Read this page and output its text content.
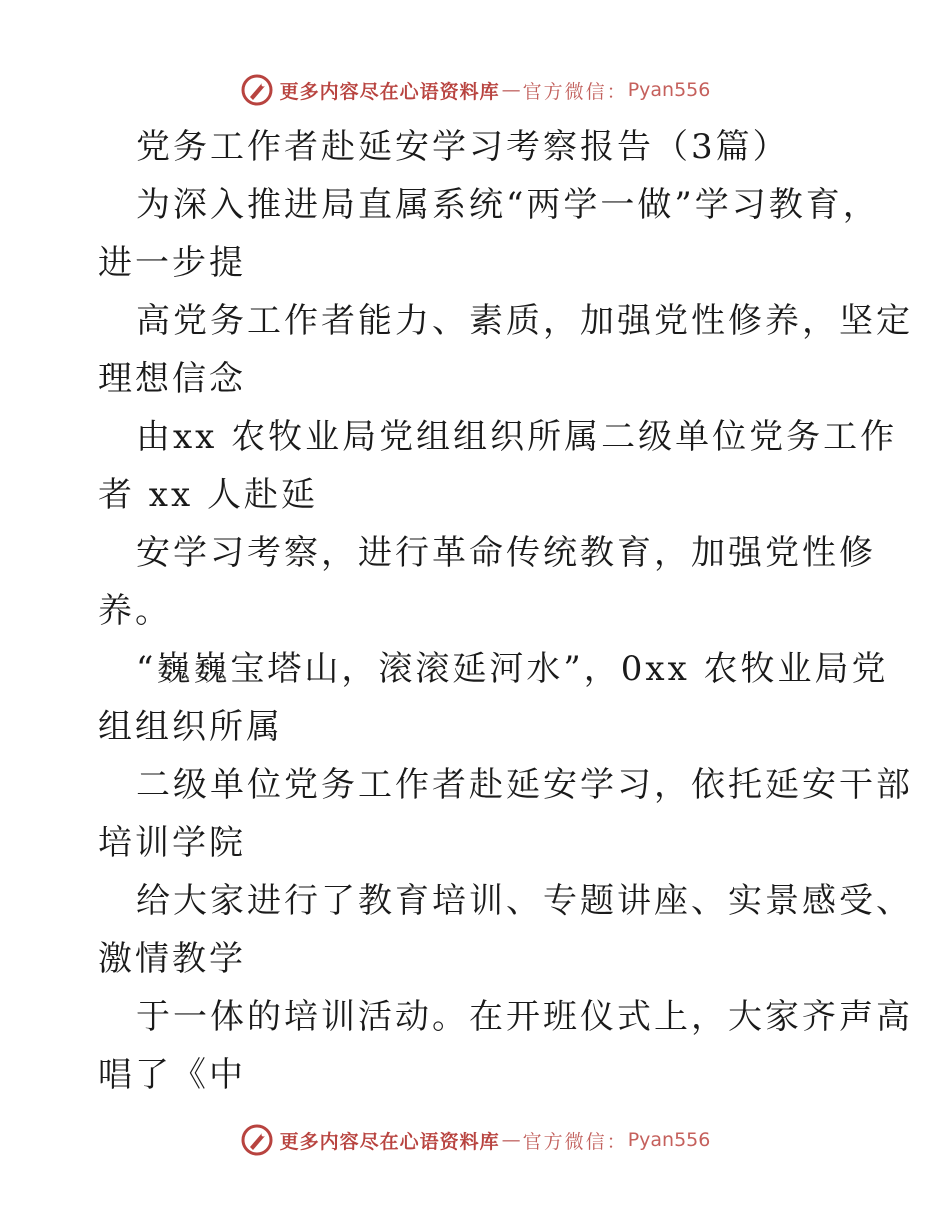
更多内容尽在心语资料库 — 官方微信： Pyan556
党务工作者赴延安学习考察报告（3篇）
为深入推进局直属系统“两学一做”学习教育，
进一步提
高党务工作者能力、素质，加强党性修养，坚定
理想信念
由xx 农牧业局党组组织所属二级单位党务工作
者 xx 人赴延
安学习考察，进行革命传统教育，加强党性修
养。
“巍巍宝塔山，滚滚延河水”，0xx 农牧业局党
组组织所属
二级单位党务工作者赴延安学习，依托延安干部
培训学院
给大家进行了教育培训、专题讲座、实景感受、
激情教学
于一体的培训活动。在开班仪式上，大家齐声高
唱了《中
更多内容尽在心语资料库 — 官方微信： Pyan556
